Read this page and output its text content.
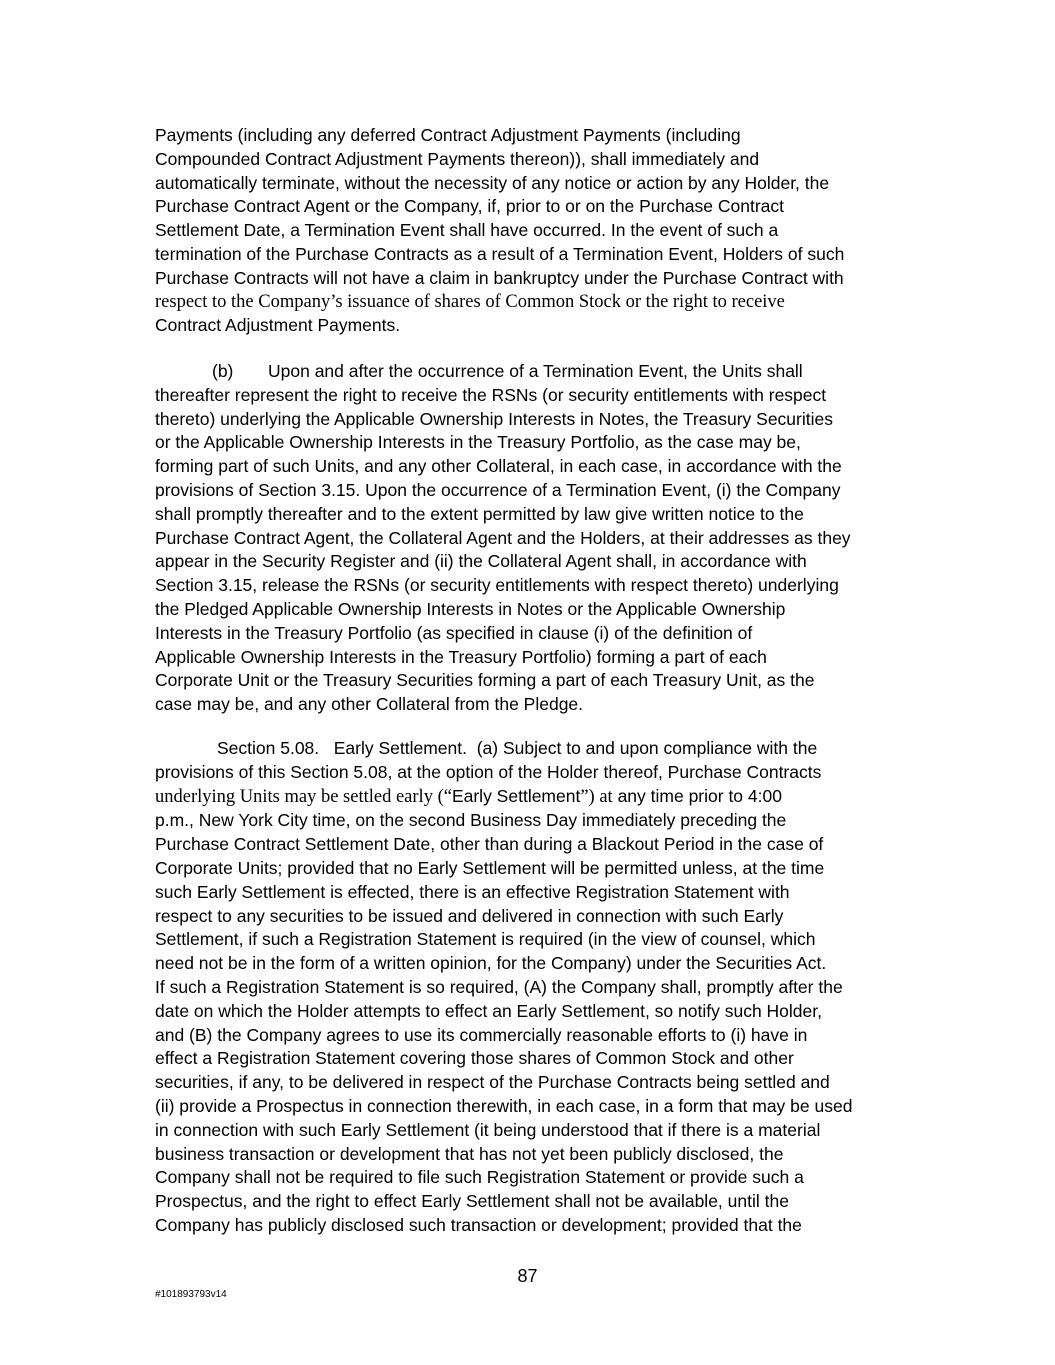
Payments (including any deferred Contract Adjustment Payments (including
Compounded Contract Adjustment Payments thereon)), shall immediately and
automatically terminate, without the necessity of any notice or action by any Holder, the
Purchase Contract Agent or the Company, if, prior to or on the Purchase Contract
Settlement Date, a Termination Event shall have occurred. In the event of such a
termination of the Purchase Contracts as a result of a Termination Event, Holders of such
Purchase Contracts will not have a claim in bankruptcy under the Purchase Contract with
respect to the Company’s issuance of shares of Common Stock or the right to receive
Contract Adjustment Payments.
(b) Upon and after the occurrence of a Termination Event, the Units shall
thereafter represent the right to receive the RSNs (or security entitlements with respect
thereto) underlying the Applicable Ownership Interests in Notes, the Treasury Securities
or the Applicable Ownership Interests in the Treasury Portfolio, as the case may be,
forming part of such Units, and any other Collateral, in each case, in accordance with the
provisions of Section 3.15. Upon the occurrence of a Termination Event, (i) the Company
shall promptly thereafter and to the extent permitted by law give written notice to the
Purchase Contract Agent, the Collateral Agent and the Holders, at their addresses as they
appear in the Security Register and (ii) the Collateral Agent shall, in accordance with
Section 3.15, release the RSNs (or security entitlements with respect thereto) underlying
the Pledged Applicable Ownership Interests in Notes or the Applicable Ownership
Interests in the Treasury Portfolio (as specified in clause (i) of the definition of
Applicable Ownership Interests in the Treasury Portfolio) forming a part of each
Corporate Unit or the Treasury Securities forming a part of each Treasury Unit, as the
case may be, and any other Collateral from the Pledge.
Section 5.08. Early Settlement. (a) Subject to and upon compliance with the
provisions of this Section 5.08, at the option of the Holder thereof, Purchase Contracts
underlying Units may be settled early (“Early Settlement”) at any time prior to 4:00
p.m., New York City time, on the second Business Day immediately preceding the
Purchase Contract Settlement Date, other than during a Blackout Period in the case of
Corporate Units; provided that no Early Settlement will be permitted unless, at the time
such Early Settlement is effected, there is an effective Registration Statement with
respect to any securities to be issued and delivered in connection with such Early
Settlement, if such a Registration Statement is required (in the view of counsel, which
need not be in the form of a written opinion, for the Company) under the Securities Act.
If such a Registration Statement is so required, (A) the Company shall, promptly after the
date on which the Holder attempts to effect an Early Settlement, so notify such Holder,
and (B) the Company agrees to use its commercially reasonable efforts to (i) have in
effect a Registration Statement covering those shares of Common Stock and other
securities, if any, to be delivered in respect of the Purchase Contracts being settled and
(ii) provide a Prospectus in connection therewith, in each case, in a form that may be used
in connection with such Early Settlement (it being understood that if there is a material
business transaction or development that has not yet been publicly disclosed, the
Company shall not be required to file such Registration Statement or provide such a
Prospectus, and the right to effect Early Settlement shall not be available, until the
Company has publicly disclosed such transaction or development; provided that the
87
#101893793v14
